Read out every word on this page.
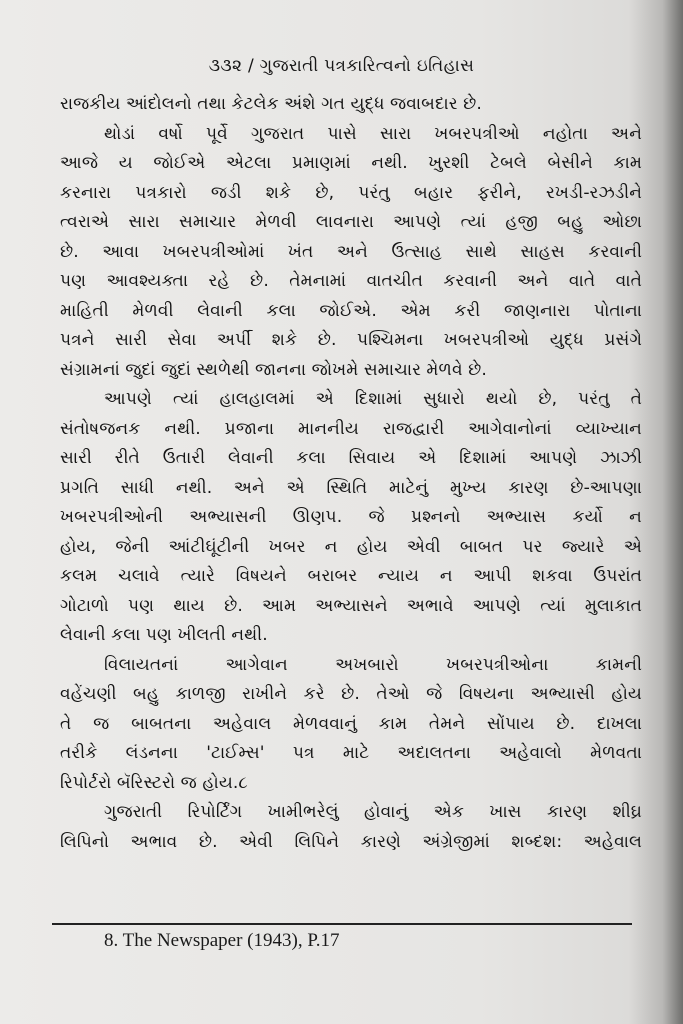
૩૩૨ / ગુજરાતી પત્રકારિત્વનો ઇતિહાસ
રાજકીય આંદોલનો તથા કેટલેક અંશે ગત યુદ્ધ જવાબદાર છે.
થોડાં વર્ષો પૂર્વે ગુજરાત પાસે સારા ખબરપત્રીઓ નહોતા અને
આજે ય જોઈએ એટલા પ્રમાણમાં નથી. ખુરશી ટેબલે બેસીને કામ
કરનારા પત્રકારો જડી શકે છે, પરંતુ બહાર ફરીને, રખડી-રઝડીને
ત્વરાએ સારા સમાચાર મેળવી લાવનારા આપણે ત્યાં હજી બહુ ઓછા
છે. આવા ખબરપત્રીઓમાં ખંત અને ઉત્સાહ સાથે સાહસ કરવાની
પણ આવશ્યક્તા રહે છે. તેમનામાં વાતચીત કરવાની અને વાતે વાતે
માહિતી મેળવી લેવાની કલા જોઈએ. એમ કરી જાણનારા પોતાના
પત્રને સારી સેવા અર્પી શકે છે. પશ્ચિમના ખબરપત્રીઓ યુદ્ધ પ્રસંગે
સંગ્રામનાં જુદાં જુદાં સ્થળેથી જાનના જોખમે સમાચાર મેળવે છે.
આપણે ત્યાં હાલહાલમાં એ દિશામાં સુધારો થયો છે, પરંતુ તે
સંતોષજનક નથી. પ્રજાના માનનીય રાજદ્વારી આગેવાનોનાં વ્યાખ્યાન
સારી રીતે ઉતારી લેવાની કલા સિવાય એ દિશામાં આપણે ઝાઝી
પ્રગતિ સાધી નથી. અને એ સ્થિતિ માટેનું મુખ્ય કારણ છે-આપણા
ખબરપત્રીઓની અભ્યાસની ઊણપ. જે પ્રશ્નનો અભ્યાસ કર્યો ન
હોય, જેની આંટીઘૂંટીની ખબર ન હોય એવી બાબત પર જ્યારે એ
કલમ ચલાવે ત્યારે વિષયને બરાબર ન્યાય ન આપી શકવા ઉપરાંત
ગોટાળો પણ થાય છે. આમ અભ્યાસને અભાવે આપણે ત્યાં મુલાકાત
લેવાની કલા પણ ખીલતી નથી.
વિલાયતનાં આગેવાન અખબારો ખબરપત્રીઓના કામની
વહેંચણી બહુ કાળજી રાખીને કરે છે. તેઓ જે વિષયના અભ્યાસી હોય
તે જ બાબતના અહેવાલ મેળવવાનું કામ તેમને સોંપાય છે. દાખલા
તરીકે લંડનના 'ટાઈમ્સ' પત્ર માટે અદાલતના અહેવાલો મેળવતા
રિપોર્ટરો બૅરિસ્ટરો જ હોય.૮
ગુજરાતી રિપોર્ટિંગ ખામીભરેલું હોવાનું એક ખાસ કારણ શીઘ્ર
લિપિનો અભાવ છે. એવી લિપિને કારણે અંગ્રેજીમાં શબ્દશ: અહેવાલ
8. The Newspaper (1943), P.17
